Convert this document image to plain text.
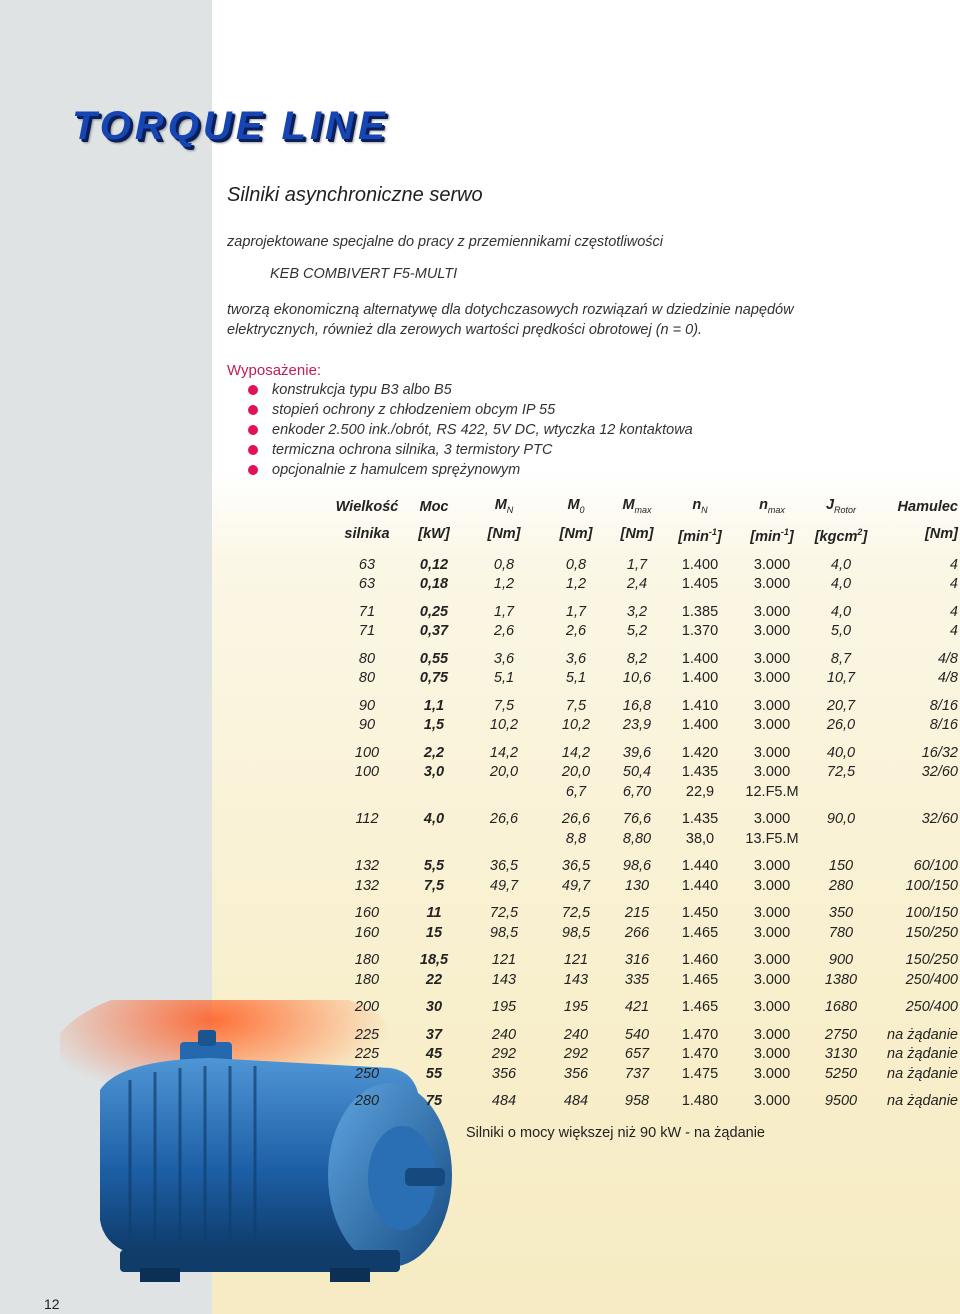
TORQUE LINE
Silniki asynchroniczne serwo
zaprojektowane specjalne do pracy z przemiennikami częstotliwości
KEB COMBIVERT F5-MULTI
tworzą ekonomiczną alternatywę dla dotychczasowych rozwiązań w dziedzinie napędów
elektrycznych, również dla zerowych wartości prędkości obrotowej (n = 0).
Wyposażenie:
konstrukcja typu B3 albo B5
stopień ochrony z chłodzeniem obcym IP 55
enkoder 2.500 ink./obrót, RS 422, 5V DC, wtyczka 12 kontaktowa
termiczna ochrona silnika, 3 termistory PTC
opcjonalnie z hamulcem sprężynowym
Wielkość	Moc	$M_N$	$M_0$	$M_{max}$	$n_N$	$n_{max}$	$J_{Rotor}$	Hamulec
silnika	[kW]	[Nm]	[Nm]	[Nm]	$[\min^{-1}]$	$[\min^{-1}]$	[kgcm$^2$]	[Nm]

63	0,12	0,8	0,8	1,7	1.400	3.000	4,0	4
63	0,18	1,2	1,2	2,4	1.405	3.000	4,0	4

71	0,25	1,7	1,7	3,2	1.385	3.000	4,0	4
71	0,37	2,6	2,6	5,2	1.370	3.000	5,0	4

80	0,55	3,6	3,6	8,2	1.400	3.000	8,7	4/8
80	0,75	5,1	5,1	10,6	1.400	3.000	10,7	4/8

90	1,1	7,5	7,5	16,8	1.410	3.000	20,7	8/16
90	1,5	10,2	10,2	23,9	1.400	3.000	26,0	8/16

100	2,2	14,2	14,2	39,6	1.420	3.000	40,0	16/32
100	3,0	20,0	20,0	50,4	1.435	3.000	72,5	32/60
			6,7	6,70	22,9	12.F5.M		

112	4,0	26,6	26,6	76,6	1.435	3.000	90,0	32/60
			8,8	8,80	38,0	13.F5.M		

132	5,5	36,5	36,5	98,6	1.440	3.000	150	60/100
132	7,5	49,7	49,7	130	1.440	3.000	280	100/150

160	11	72,5	72,5	215	1.450	3.000	350	100/150
160	15	98,5	98,5	266	1.465	3.000	780	150/250

180	18,5	121	121	316	1.460	3.000	900	150/250
180	22	143	143	335	1.465	3.000	1380	250/400

200	30	195	195	421	1.465	3.000	1680	250/400

225	37	240	240	540	1.470	3.000	2750	na żądanie
225	45	292	292	657	1.470	3.000	3130	na żądanie
250	55	356	356	737	1.475	3.000	5250	na żądanie

280	75	484	484	958	1.480	3.000	9500	na żądanie
Silniki o mocy większej niż 90 kW - na żądanie
12
